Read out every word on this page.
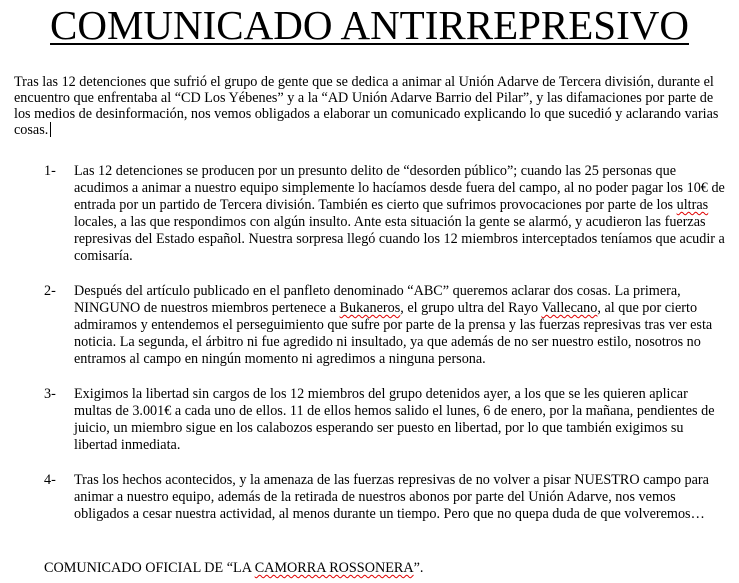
COMUNICADO ANTIRREPRESIVO

Tras las 12 detenciones que sufrió el grupo de gente que se dedica a animar al Unión Adarve de Tercera división, durante el encuentro que enfrentaba al “CD Los Yébenes” y a la “AD Unión Adarve Barrio del Pilar”, y las difamaciones por parte de los medios de desinformación, nos vemos obligados a elaborar un comunicado explicando lo que sucedió y aclarando varias cosas.

1-	Las 12 detenciones se producen por un presunto delito de “desorden público”; cuando las 25 personas que acudimos a animar a nuestro equipo simplemente lo hacíamos desde fuera del campo, al no poder pagar los 10€ de entrada por un partido de Tercera división. También es cierto que sufrimos provocaciones por parte de los ultras locales, a las que respondimos con algún insulto. Ante esta situación la gente se alarmó, y acudieron las fuerzas represivas del Estado español. Nuestra sorpresa llegó cuando los 12 miembros interceptados teníamos que acudir a comisaría.
2-	Después del artículo publicado en el panfleto denominado “ABC” queremos aclarar dos cosas. La primera, NINGUNO de nuestros miembros pertenece a Bukaneros, el grupo ultra del Rayo Vallecano, al que por cierto admiramos y entendemos el perseguimiento que sufre por parte de la prensa y las fuerzas represivas tras ver esta noticia. La segunda, el árbitro ni fue agredido ni insultado, ya que además de no ser nuestro estilo, nosotros no entramos al campo en ningún momento ni agredimos a ninguna persona.
3-	Exigimos la libertad sin cargos de los 12 miembros del grupo detenidos ayer, a los que se les quieren aplicar multas de 3.001€ a cada uno de ellos. 11 de ellos hemos salido el lunes, 6 de enero, por la mañana, pendientes de juicio, un miembro sigue en los calabozos esperando ser puesto en libertad, por lo que también exigimos su libertad inmediata.
4-	Tras los hechos acontecidos, y la amenaza de las fuerzas represivas de no volver a pisar NUESTRO campo para animar a nuestro equipo, además de la retirada de nuestros abonos por parte del Unión Adarve, nos vemos obligados a cesar nuestra actividad, al menos durante un tiempo. Pero que no quepa duda de que volveremos…
COMUNICADO OFICIAL DE “LA CAMORRA ROSSONERA”.
